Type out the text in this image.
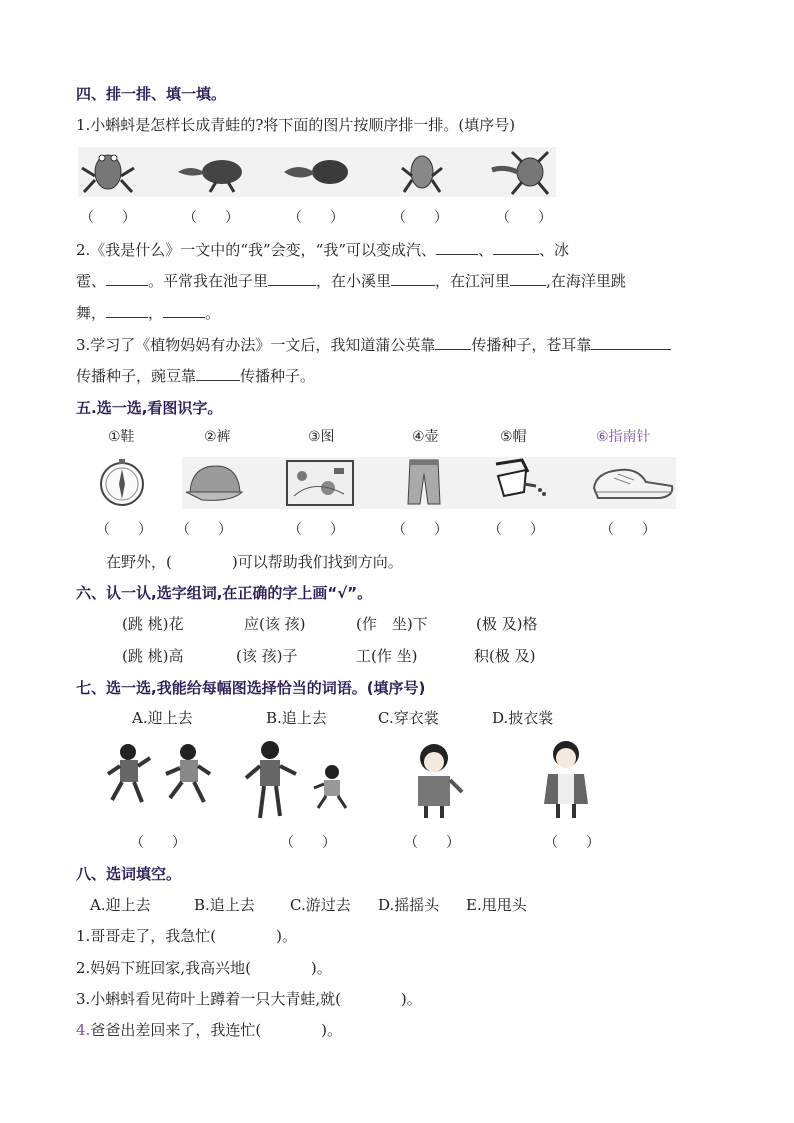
四、排一排、填一填。
1.小蝌蚪是怎样长成青蛙的?将下面的图片按顺序排一排。(填序号)
（　　）	（　　）	（　　）	（　　）	（　　）
2.《我是什么》一文中的“我”会变，“我”可以变成汽、	、	、冰
雹、	。平常我在池子里	，在小溪里	，在江河里 ,在海洋里跳
舞，	，	。
3.学习了《植物妈妈有办法》一文后，我知道蒲公英靠 传播种子，苍耳靠
传播种子，豌豆靠	传播种子。
五.选一选,看图识字。
①鞋	②裤	③图	④壶	⑤帽	⑥指南针
（　　） （　　）	（　　）	（　　）	（　　）	（　　）
在野外，(　　　　)可以帮助我们找到方向。
六、认一认,选字组词,在正确的字上画“√”。
(跳 桃)花	应(该 孩)	(作　坐)下	(极 及)格
(跳 桃)高	(该 孩)子	工(作 坐)	积(极 及)
七、选一选,我能给每幅图选择恰当的词语。(填序号)
A.迎上去	B.追上去	C.穿衣裳	D.披衣裳
（　　）	（　　）	（　　）	（　　）
八、选词填空。
A.迎上去	B.追上去 C.游过去 D.摇摇头 E.甩甩头
1.哥哥走了，我急忙(　　　　)。
2.妈妈下班回家,我高兴地(　　　　)。
3.小蝌蚪看见荷叶上蹲着一只大青蛙,就(　　　　)。
4.爸爸出差回来了，我连忙(　　　　)。
